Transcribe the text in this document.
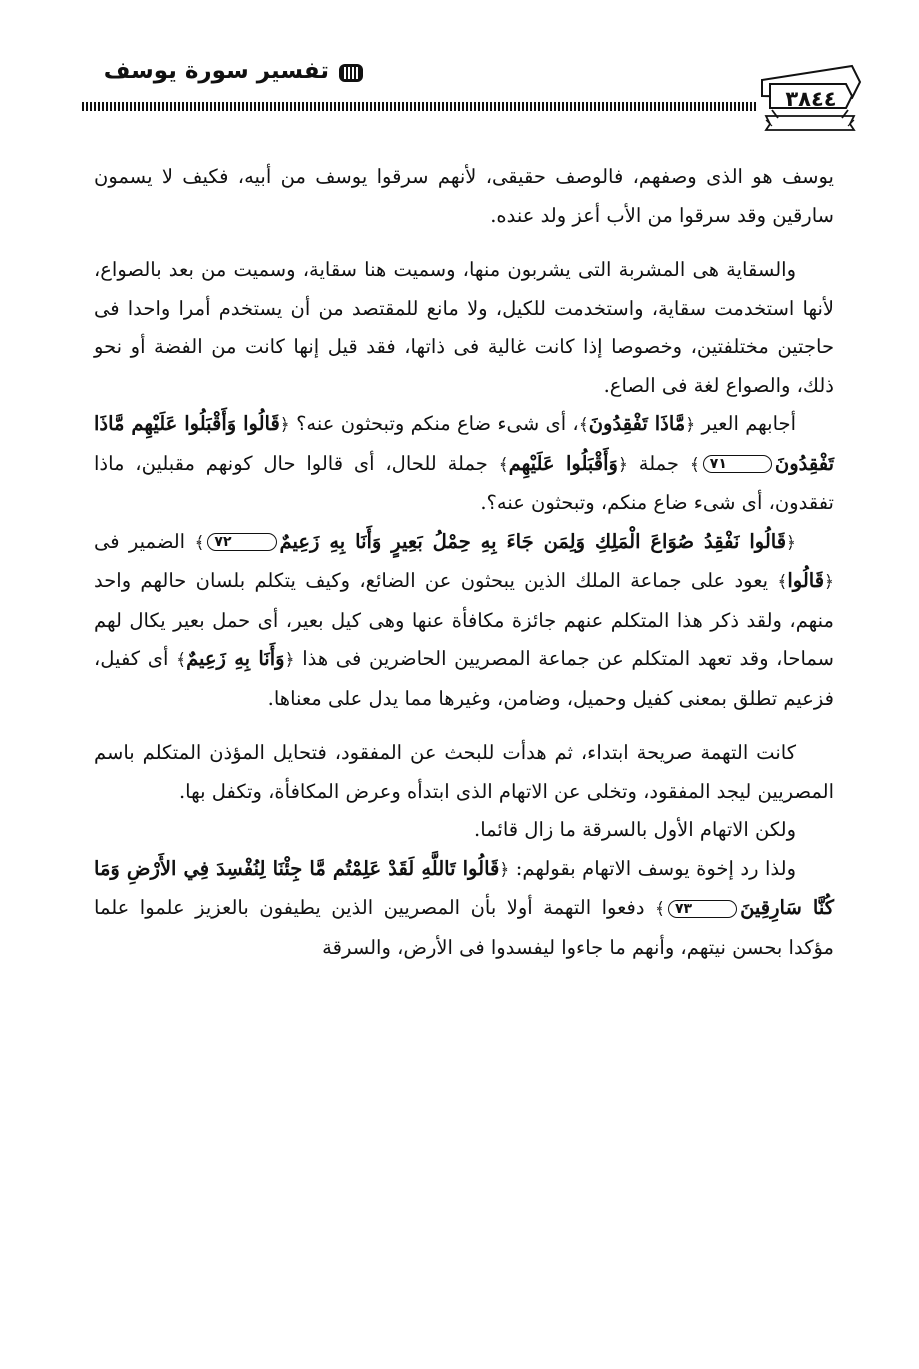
تفسير سورة يوسف
٣٨٤٤

يوسف هو الذى وصفهم، فالوصف حقيقى، لأنهم سرقوا يوسف من أبيه، فكيف لا يسمون سارقين وقد سرقوا من الأب أعز ولد عنده.

والسقاية هى المشربة التى يشربون منها، وسميت هنا سقاية، وسميت من بعد بالصواع، لأنها استخدمت سقاية، واستخدمت للكيل، ولا مانع للمقتصد من أن يستخدم أمرا واحدا فى حاجتين مختلفتين، وخصوصا إذا كانت غالية فى ذاتها، فقد قيل إنها كانت من الفضة أو نحو ذلك، والصواع لغة فى الصاع.

أجابهم العير ﴿مَّاذَا تَفْقِدُونَ﴾، أى شىء ضاع منكم وتبحثون عنه؟ ﴿قَالُوا وَأَقْبَلُوا عَلَيْهِم مَّاذَا تَفْقِدُونَ٧١﴾ جملة ﴿وَأَقْبَلُوا عَلَيْهِم﴾ جملة للحال، أى قالوا حال كونهم مقبلين، ماذا تفقدون، أى شىء ضاع منكم، وتبحثون عنه؟.

﴿قَالُوا نَفْقِدُ صُوَاعَ الْمَلِكِ وَلِمَن جَاءَ بِهِ حِمْلُ بَعِيرٍ وَأَنَا بِهِ زَعِيمٌ٧٢﴾ الضمير فى ﴿قَالُوا﴾ يعود على جماعة الملك الذين يبحثون عن الضائع، وكيف يتكلم بلسان حالهم واحد منهم، ولقد ذكر هذا المتكلم عنهم جائزة مكافأة عنها وهى كيل بعير، أى حمل بعير يكال لهم سماحا، وقد تعهد المتكلم عن جماعة المصريين الحاضرين فى هذا ﴿وَأَنَا بِهِ زَعِيمٌ﴾ أى كفيل، فزعيم تطلق بمعنى كفيل وحميل، وضامن، وغيرها مما يدل على معناها.

كانت التهمة صريحة ابتداء، ثم هدأت للبحث عن المفقود، فتحايل المؤذن المتكلم باسم المصريين ليجد المفقود، وتخلى عن الاتهام الذى ابتدأه وعرض المكافأة، وتكفل بها.

ولكن الاتهام الأول بالسرقة ما زال قائما.

ولذا رد إخوة يوسف الاتهام بقولهم: ﴿قَالُوا تَاللَّهِ لَقَدْ عَلِمْتُم مَّا جِئْنَا لِنُفْسِدَ فِي الأَرْضِ وَمَا كُنَّا سَارِقِينَ٧٣﴾ دفعوا التهمة أولا بأن المصريين الذين يطيفون بالعزيز علموا علما مؤكدا بحسن نيتهم، وأنهم ما جاءوا ليفسدوا فى الأرض، والسرقة
